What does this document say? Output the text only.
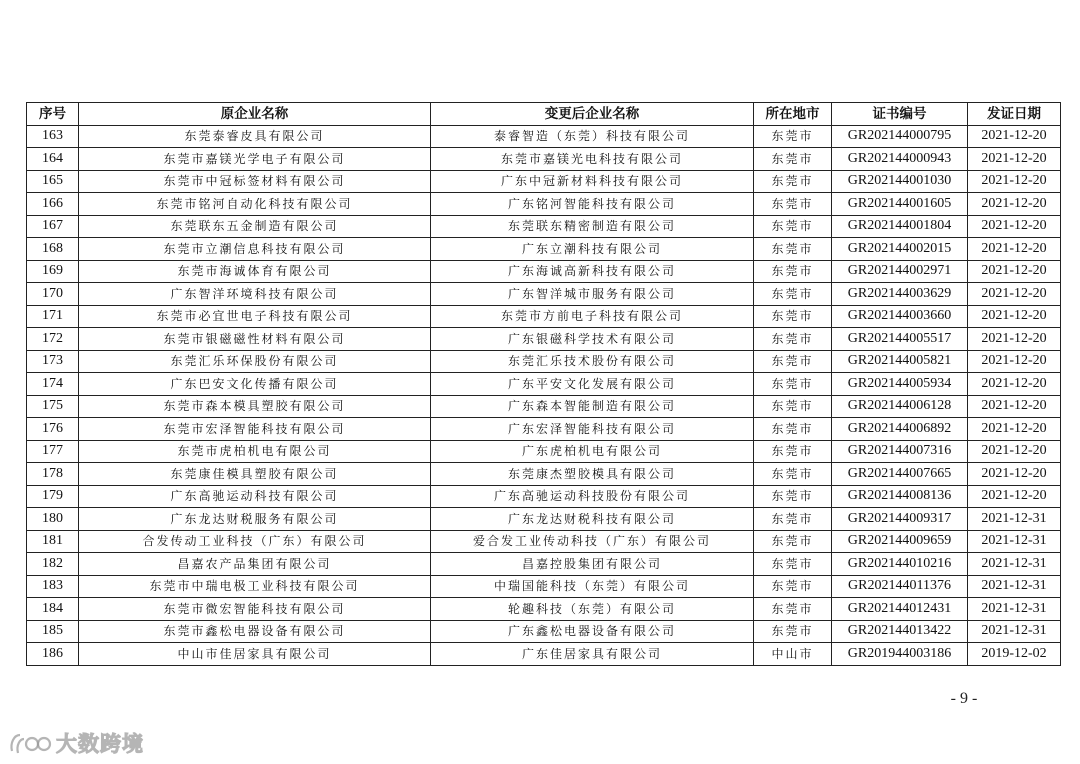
序号	原企业名称	变更后企业名称	所在地市	证书编号	发证日期
163	东莞泰睿皮具有限公司	泰睿智造（东莞）科技有限公司	东莞市	GR202144000795	2021-12-20
164	东莞市嘉镁光学电子有限公司	东莞市嘉镁光电科技有限公司	东莞市	GR202144000943	2021-12-20
165	东莞市中冠标签材料有限公司	广东中冠新材料科技有限公司	东莞市	GR202144001030	2021-12-20
166	东莞市铭河自动化科技有限公司	广东铭河智能科技有限公司	东莞市	GR202144001605	2021-12-20
167	东莞联东五金制造有限公司	东莞联东精密制造有限公司	东莞市	GR202144001804	2021-12-20
168	东莞市立潮信息科技有限公司	广东立潮科技有限公司	东莞市	GR202144002015	2021-12-20
169	东莞市海诚体育有限公司	广东海诚高新科技有限公司	东莞市	GR202144002971	2021-12-20
170	广东智洋环境科技有限公司	广东智洋城市服务有限公司	东莞市	GR202144003629	2021-12-20
171	东莞市必宜世电子科技有限公司	东莞市方前电子科技有限公司	东莞市	GR202144003660	2021-12-20
172	东莞市银磁磁性材料有限公司	广东银磁科学技术有限公司	东莞市	GR202144005517	2021-12-20
173	东莞汇乐环保股份有限公司	东莞汇乐技术股份有限公司	东莞市	GR202144005821	2021-12-20
174	广东巴安文化传播有限公司	广东平安文化发展有限公司	东莞市	GR202144005934	2021-12-20
175	东莞市森本模具塑胶有限公司	广东森本智能制造有限公司	东莞市	GR202144006128	2021-12-20
176	东莞市宏泽智能科技有限公司	广东宏泽智能科技有限公司	东莞市	GR202144006892	2021-12-20
177	东莞市虎柏机电有限公司	广东虎柏机电有限公司	东莞市	GR202144007316	2021-12-20
178	东莞康佳模具塑胶有限公司	东莞康杰塑胶模具有限公司	东莞市	GR202144007665	2021-12-20
179	广东高驰运动科技有限公司	广东高驰运动科技股份有限公司	东莞市	GR202144008136	2021-12-20
180	广东龙达财税服务有限公司	广东龙达财税科技有限公司	东莞市	GR202144009317	2021-12-31
181	合发传动工业科技（广东）有限公司	爱合发工业传动科技（广东）有限公司	东莞市	GR202144009659	2021-12-31
182	昌嘉农产品集团有限公司	昌嘉控股集团有限公司	东莞市	GR202144010216	2021-12-31
183	东莞市中瑞电极工业科技有限公司	中瑞国能科技（东莞）有限公司	东莞市	GR202144011376	2021-12-31
184	东莞市微宏智能科技有限公司	轮趣科技（东莞）有限公司	东莞市	GR202144012431	2021-12-31
185	东莞市鑫松电器设备有限公司	广东鑫松电器设备有限公司	东莞市	GR202144013422	2021-12-31
186	中山市佳居家具有限公司	广东佳居家具有限公司	中山市	GR201944003186	2019-12-02
- 9 -
大数跨境
